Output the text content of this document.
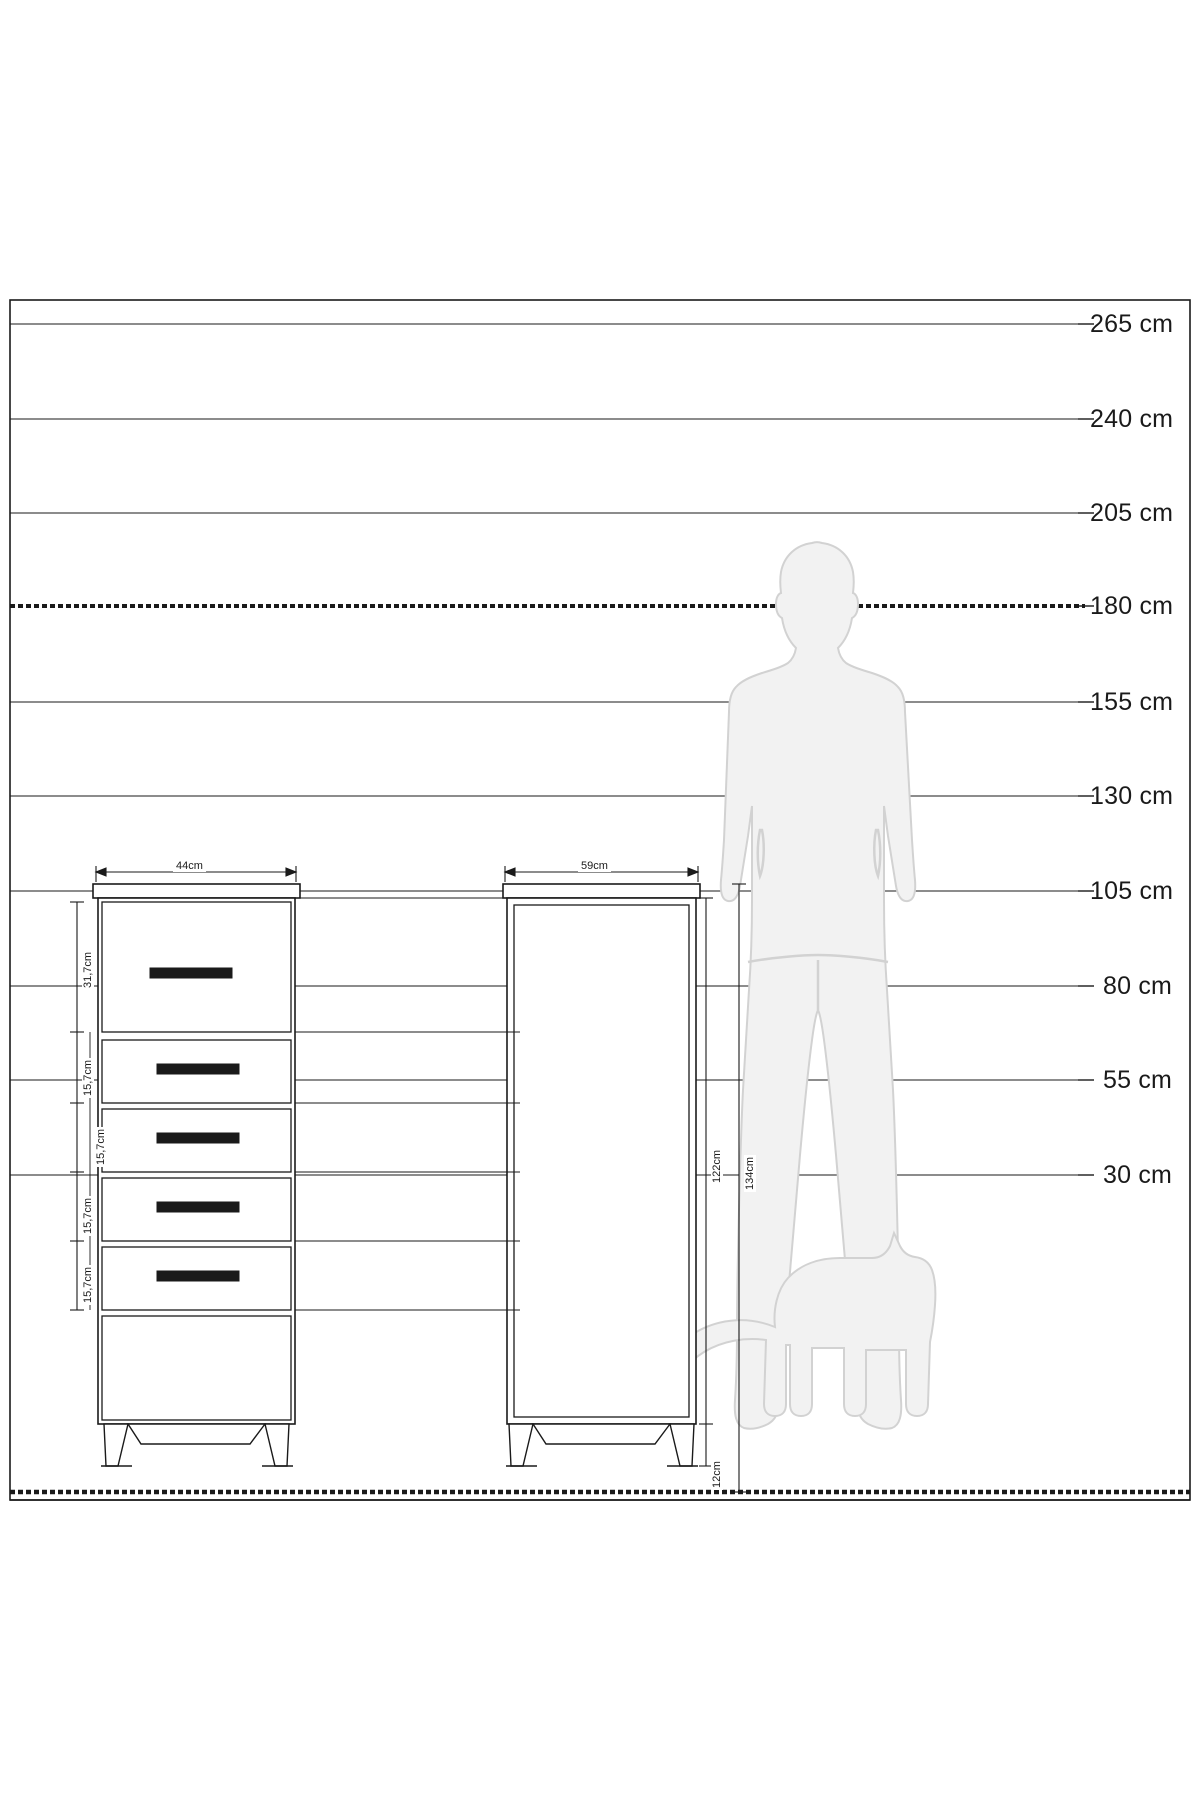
265 cm
240 cm
205 cm
180 cm
155 cm
130 cm
105 cm
80 cm
55 cm
30 cm
44cm	59cm
31,7cm
15,7cm
15,7cm
15,7cm
15,7cm
122cm 134cm
12cm
